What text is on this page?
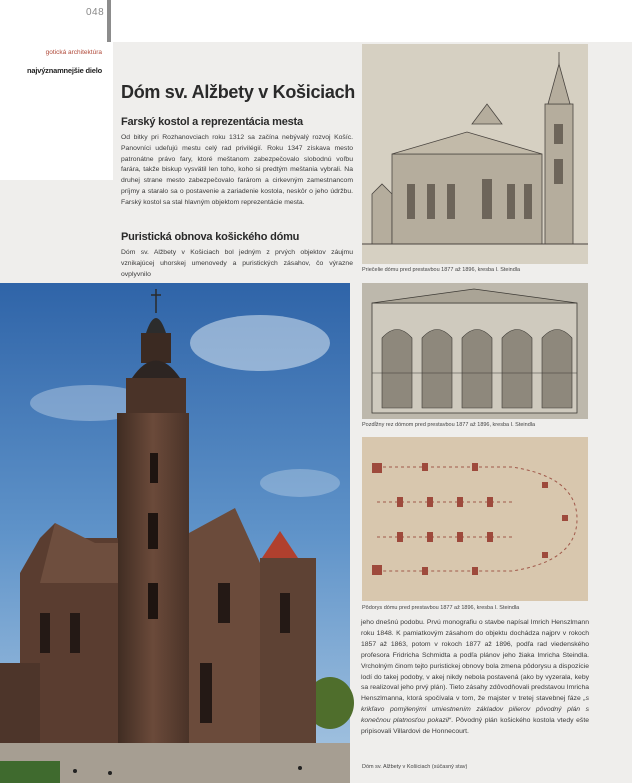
048
gotická architektúra
najvýznamnejšie dielo
Dóm sv. Alžbety v Košiciach
Farský kostol a reprezentácia mesta
Od bitky pri Rozhanovciach roku 1312 sa začína nebývalý rozvoj Košíc. Panovníci udeľujú mestu celý rad privilégií. Roku 1347 získava mesto patronátne právo fary, ktoré meštanom zabezpečovalo slobodnú voľbu farára, takže biskup vysvätil len toho, koho si predtým meštania vybrali. Na druhej strane mesto zabezpečovalo farárom a cirkevným zamestnancom príjmy a staralo sa o postavenie a zariadenie kostola, neskôr o jeho údržbu. Farský kostol sa stal hlavným objektom reprezentácie mesta.
Puristická obnova košického dómu
Dóm sv. Alžbety v Košiciach bol jedným z prvých objektov záujmu vznikajúcej uhorskej umenovedy a puristických zásahov, čo výrazne ovplyvnilo
Priečelie dómu pred prestavbou 1877 až 1896, kresba I. Steindla
Pozdĺžny rez dómom pred prestavbou 1877 až 1896, kresba I. Steindla
Pôdorys dómu pred prestavbou 1877 až 1896, kresba I. Steindla
jeho dnešnú podobu. Prvú monografiu o stavbe napísal Imrich Henszlmann roku 1848. K pamiatkovým zásahom do objektu dochádza najprv v rokoch 1857 až 1863, potom v rokoch 1877 až 1896, podľa rad viedenského profesora Fridricha Schmidta a podľa plánov jeho žiaka Imricha Steindla. Vrcholným činom tejto puristickej obnovy bola zmena pôdorysu a dispozície lodí do takej podoby, v akej nikdy nebola postavená (ako by vyzerala, keby sa realizoval jeho prvý plán). Tieto zásahy zdôvodňovali predstavou Imricha Henszlmanna, ktorá spočívala v tom, že majster v tretej stavebnej fáze „s krikľavo pomýlenými umiestnením základov pilierov pôvodný plán s konečnou platnosťou pokazil“. Pôvodný plán košického kostola vtedy ešte pripisovali Villardovi de Honnecourt.
Dóm sv. Alžbety v Košiciach (súčasný stav)
